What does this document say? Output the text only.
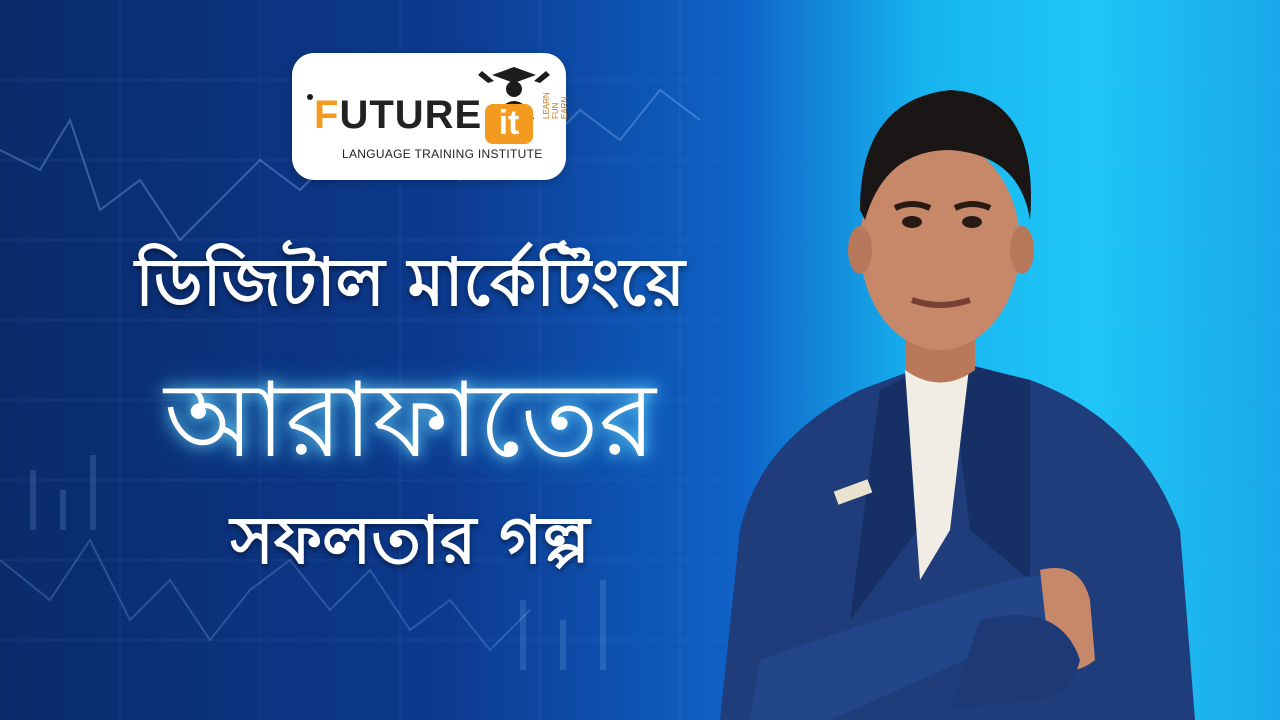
FUTURE it
LANGUAGE TRAINING INSTITUTE
LEARN FUN EARN
ডিজিটাল মার্কেটিংয়ে
আরাফাতের
সফলতার গল্প
